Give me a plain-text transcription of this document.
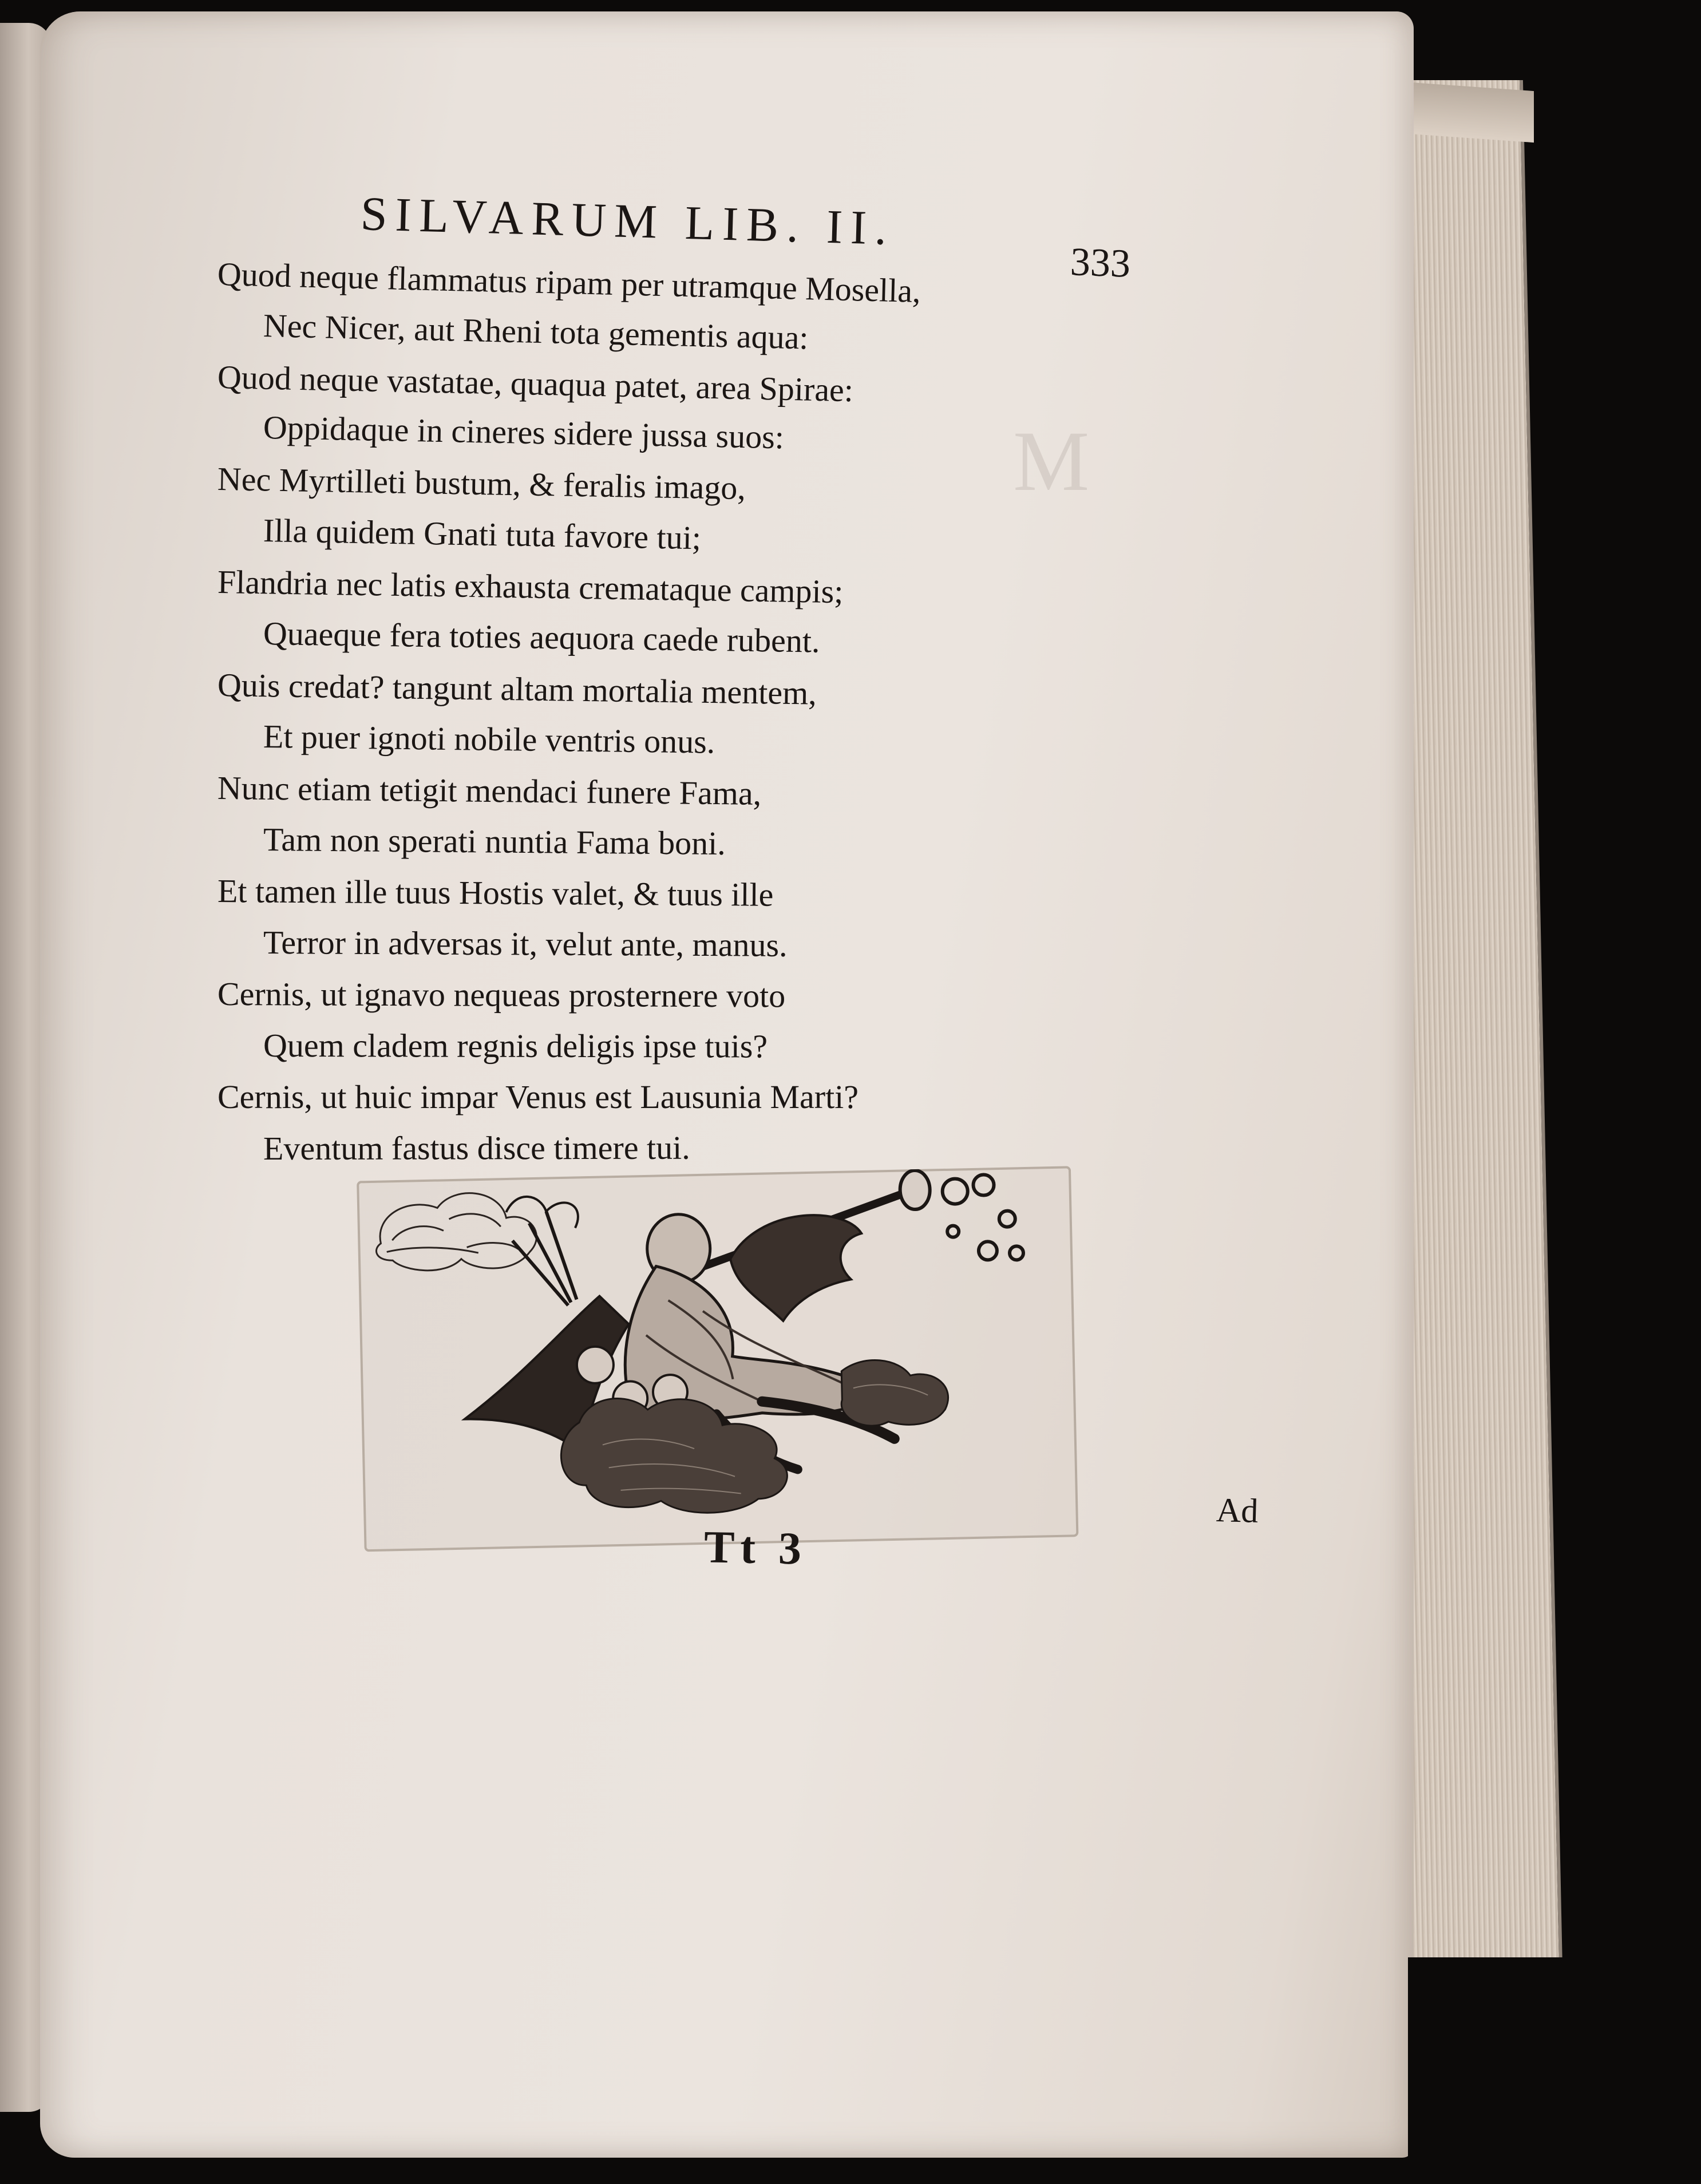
M
SILVARUM LIB. II.
333
Quod neque flammatus ripam per utramque Mosella,
Nec Nicer, aut Rheni tota gementis aqua:
Quod neque vastatae, quaqua patet, area Spirae:
Oppidaque in cineres sidere jussa suos:
Nec Myrtilleti bustum, & feralis imago,
Illa quidem Gnati tuta favore tui;
Flandria nec latis exhausta cremataque campis;
Quaeque fera toties aequora caede rubent.
Quis credat? tangunt altam mortalia mentem,
Et puer ignoti nobile ventris onus.
Nunc etiam tetigit mendaci funere Fama,
Tam non sperati nuntia Fama boni.
Et tamen ille tuus Hostis valet, & tuus ille
Terror in adversas it, velut ante, manus.
Cernis, ut ignavo nequeas prosternere voto
Quem cladem regnis deligis ipse tuis?
Cernis, ut huic impar Venus est Lausunia Marti?
Eventum fastus disce timere tui.
Tt 3
Ad
